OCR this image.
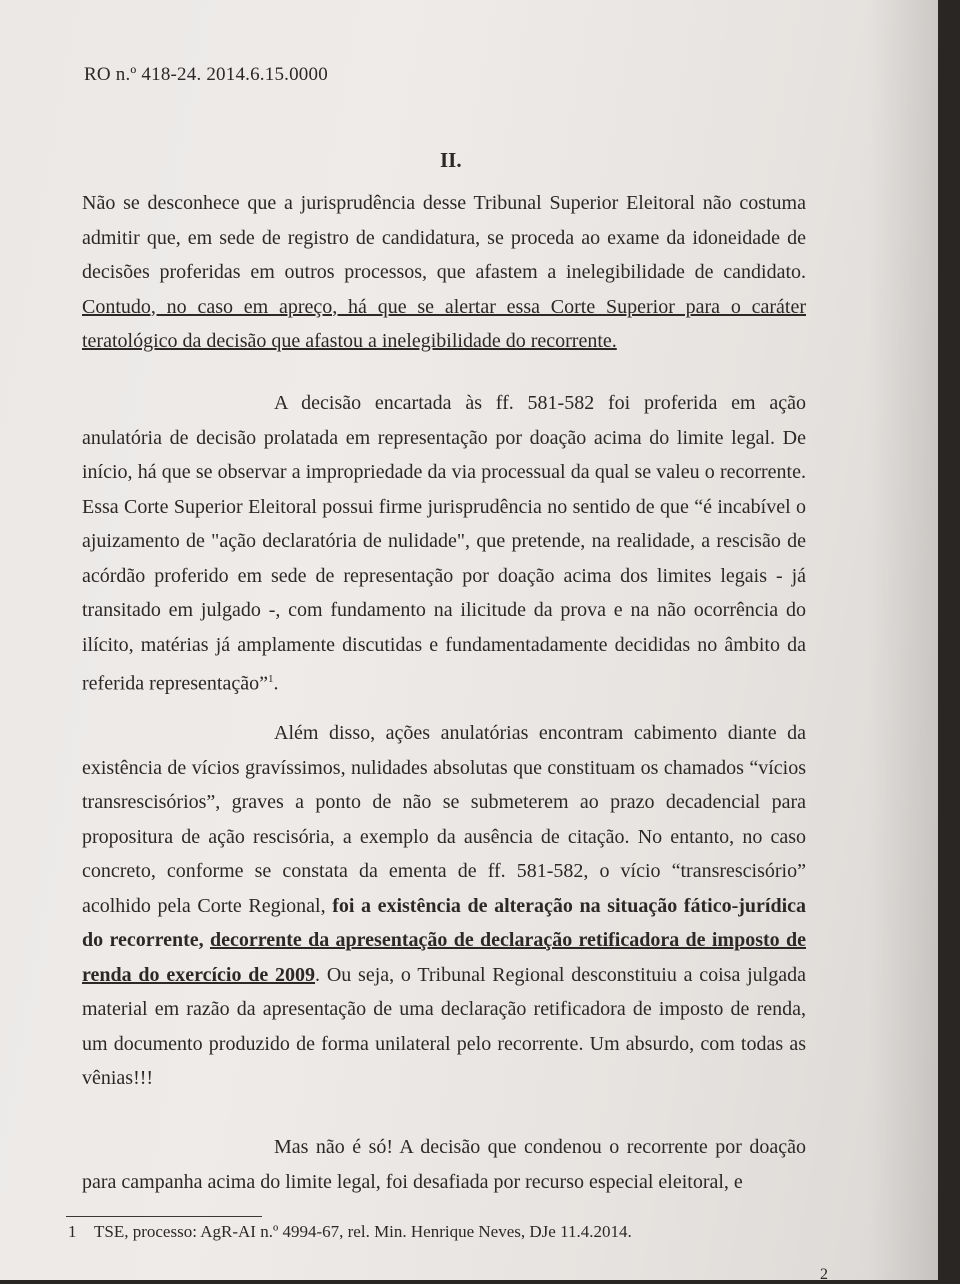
RO n.º 418-24. 2014.6.15.0000
II.

Não se desconhece que a jurisprudência desse Tribunal Superior Eleitoral não costuma admitir que, em sede de registro de candidatura, se proceda ao exame da idoneidade de decisões proferidas em outros processos, que afastem a inelegibilidade de candidato. Contudo, no caso em apreço, há que se alertar essa Corte Superior para o caráter teratológico da decisão que afastou a inelegibilidade do recorrente.

A decisão encartada às ff. 581-582 foi proferida em ação anulatória de decisão prolatada em representação por doação acima do limite legal. De início, há que se observar a impropriedade da via processual da qual se valeu o recorrente. Essa Corte Superior Eleitoral possui firme jurisprudência no sentido de que “é incabível o ajuizamento de "ação declaratória de nulidade", que pretende, na realidade, a rescisão de acórdão proferido em sede de representação por doação acima dos limites legais - já transitado em julgado -, com fundamento na ilicitude da prova e na não ocorrência do ilícito, matérias já amplamente discutidas e fundamentadamente decididas no âmbito da referida representação”$^1$.

Além disso, ações anulatórias encontram cabimento diante da existência de vícios gravíssimos, nulidades absolutas que constituam os chamados “vícios transrescisórios”, graves a ponto de não se submeterem ao prazo decadencial para propositura de ação rescisória, a exemplo da ausência de citação. No entanto, no caso concreto, conforme se constata da ementa de ff. 581-582, o vício “transrescisório” acolhido pela Corte Regional, foi a existência de alteração na situação fático-jurídica do recorrente, decorrente da apresentação de declaração retificadora de imposto de renda do exercício de 2009. Ou seja, o Tribunal Regional desconstituiu a coisa julgada material em razão da apresentação de uma declaração retificadora de imposto de renda, um documento produzido de forma unilateral pelo recorrente. Um absurdo, com todas as vênias!!!

Mas não é só! A decisão que condenou o recorrente por doação para campanha acima do limite legal, foi desafiada por recurso especial eleitoral, e

1 TSE, processo: AgR-AI n.º 4994-67, rel. Min. Henrique Neves, DJe 11.4.2014.
2
